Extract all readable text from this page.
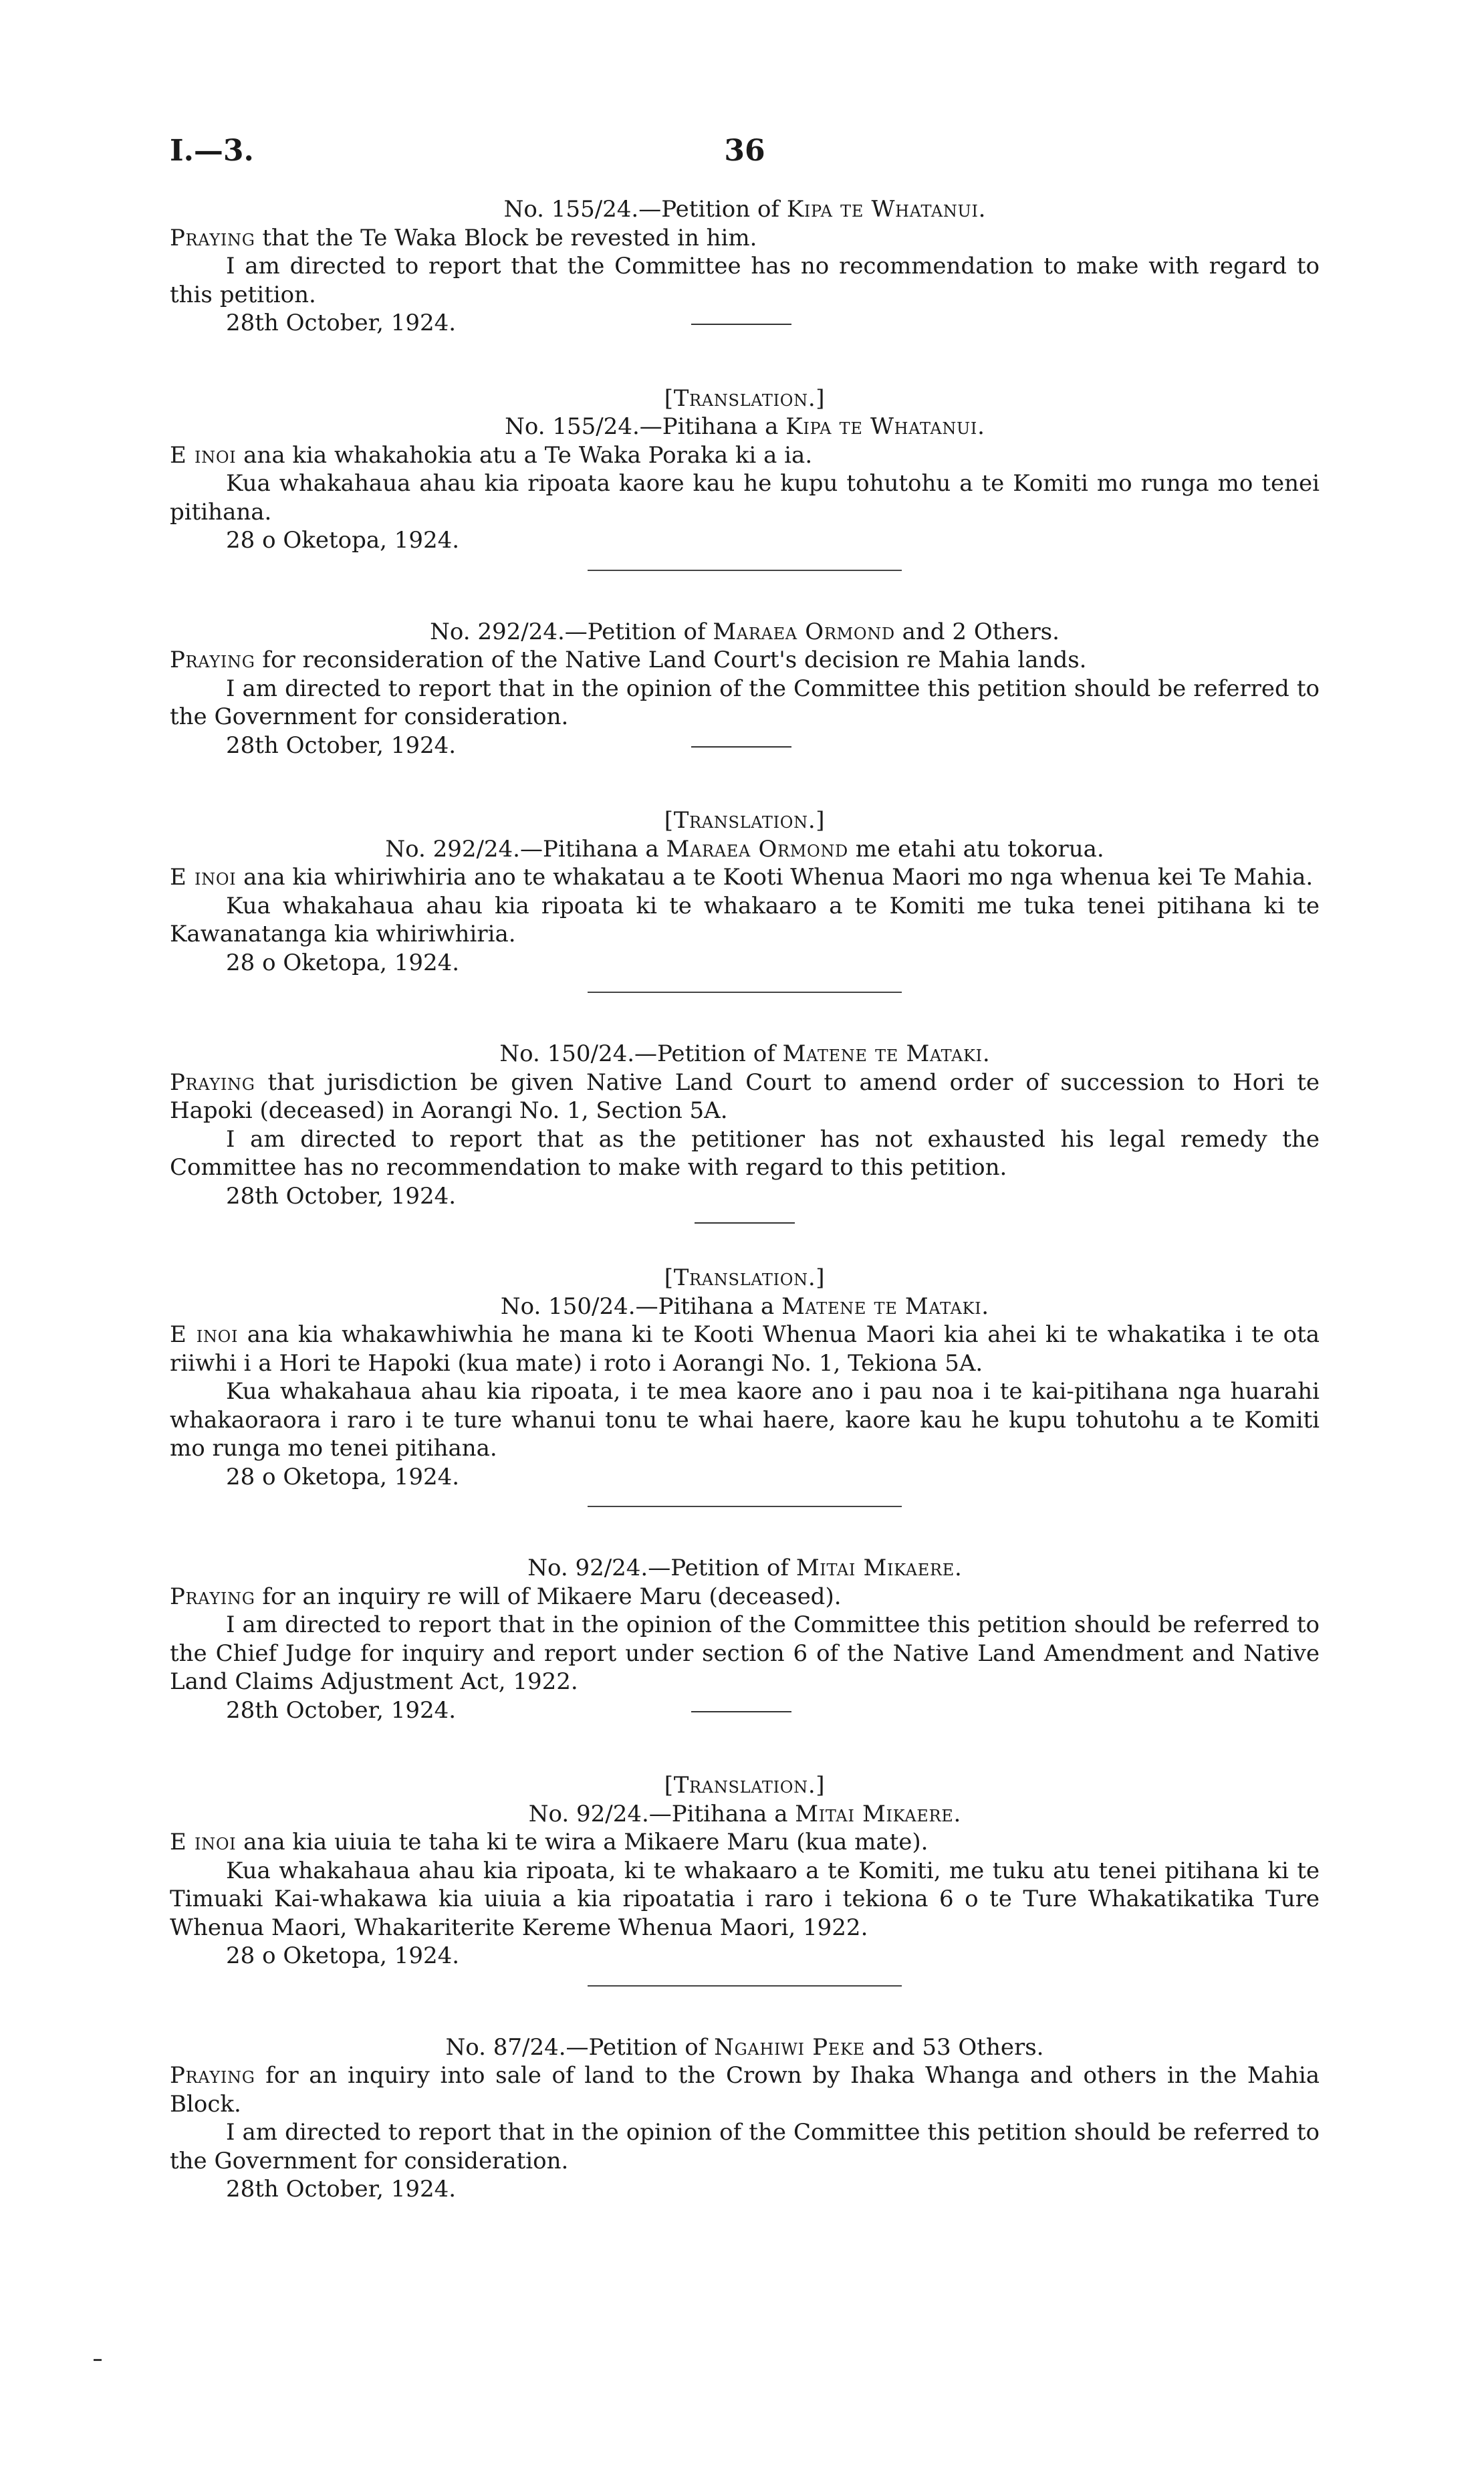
I.—3.	36

No. 155/24.—Petition of Kipa te Whatanui.

Praying that the Te Waka Block be revested in him.

I am directed to report that the Committee has no recommendation to make with regard to this petition.

28th October, 1924.

[Translation.]

No. 155/24.—Pitihana a Kipa te Whatanui.

E inoi ana kia whakahokia atu a Te Waka Poraka ki a ia.

Kua whakahaua ahau kia ripoata kaore kau he kupu tohutohu a te Komiti mo runga mo tenei pitihana.

28 o Oketopa, 1924.

No. 292/24.—Petition of Maraea Ormond and 2 Others.

Praying for reconsideration of the Native Land Court's decision re Mahia lands.

I am directed to report that in the opinion of the Committee this petition should be referred to the Government for consideration.

28th October, 1924.

[Translation.]

No. 292/24.—Pitihana a Maraea Ormond me etahi atu tokorua.

E inoi ana kia whiriwhiria ano te whakatau a te Kooti Whenua Maori mo nga whenua kei Te Mahia.

Kua whakahaua ahau kia ripoata ki te whakaaro a te Komiti me tuka tenei pitihana ki te Kawanatanga kia whiriwhiria.

28 o Oketopa, 1924.

No. 150/24.—Petition of Matene te Mataki.

Praying that jurisdiction be given Native Land Court to amend order of succession to Hori te Hapoki (deceased) in Aorangi No. 1, Section 5A.

I am directed to report that as the petitioner has not exhausted his legal remedy the Committee has no recommendation to make with regard to this petition.

28th October, 1924.

[Translation.]

No. 150/24.—Pitihana a Matene te Mataki.

E inoi ana kia whakawhiwhia he mana ki te Kooti Whenua Maori kia ahei ki te whakatika i te ota riiwhi i a Hori te Hapoki (kua mate) i roto i Aorangi No. 1, Tekiona 5A.

Kua whakahaua ahau kia ripoata, i te mea kaore ano i pau noa i te kai-pitihana nga huarahi whakaoraora i raro i te ture whanui tonu te whai haere, kaore kau he kupu tohutohu a te Komiti mo runga mo tenei pitihana.

28 o Oketopa, 1924.

No. 92/24.—Petition of Mitai Mikaere.

Praying for an inquiry re will of Mikaere Maru (deceased).

I am directed to report that in the opinion of the Committee this petition should be referred to the Chief Judge for inquiry and report under section 6 of the Native Land Amendment and Native Land Claims Adjustment Act, 1922.

28th October, 1924.

[Translation.]

No. 92/24.—Pitihana a Mitai Mikaere.

E inoi ana kia uiuia te taha ki te wira a Mikaere Maru (kua mate).

Kua whakahaua ahau kia ripoata, ki te whakaaro a te Komiti, me tuku atu tenei pitihana ki te Timuaki Kai-whakawa kia uiuia a kia ripoatatia i raro i tekiona 6 o te Ture Whakatikatika Ture Whenua Maori, Whakariterite Kereme Whenua Maori, 1922.

28 o Oketopa, 1924.

No. 87/24.—Petition of Ngahiwi Peke and 53 Others.

Praying for an inquiry into sale of land to the Crown by Ihaka Whanga and others in the Mahia Block.

I am directed to report that in the opinion of the Committee this petition should be referred to the Government for consideration.

28th October, 1924.
